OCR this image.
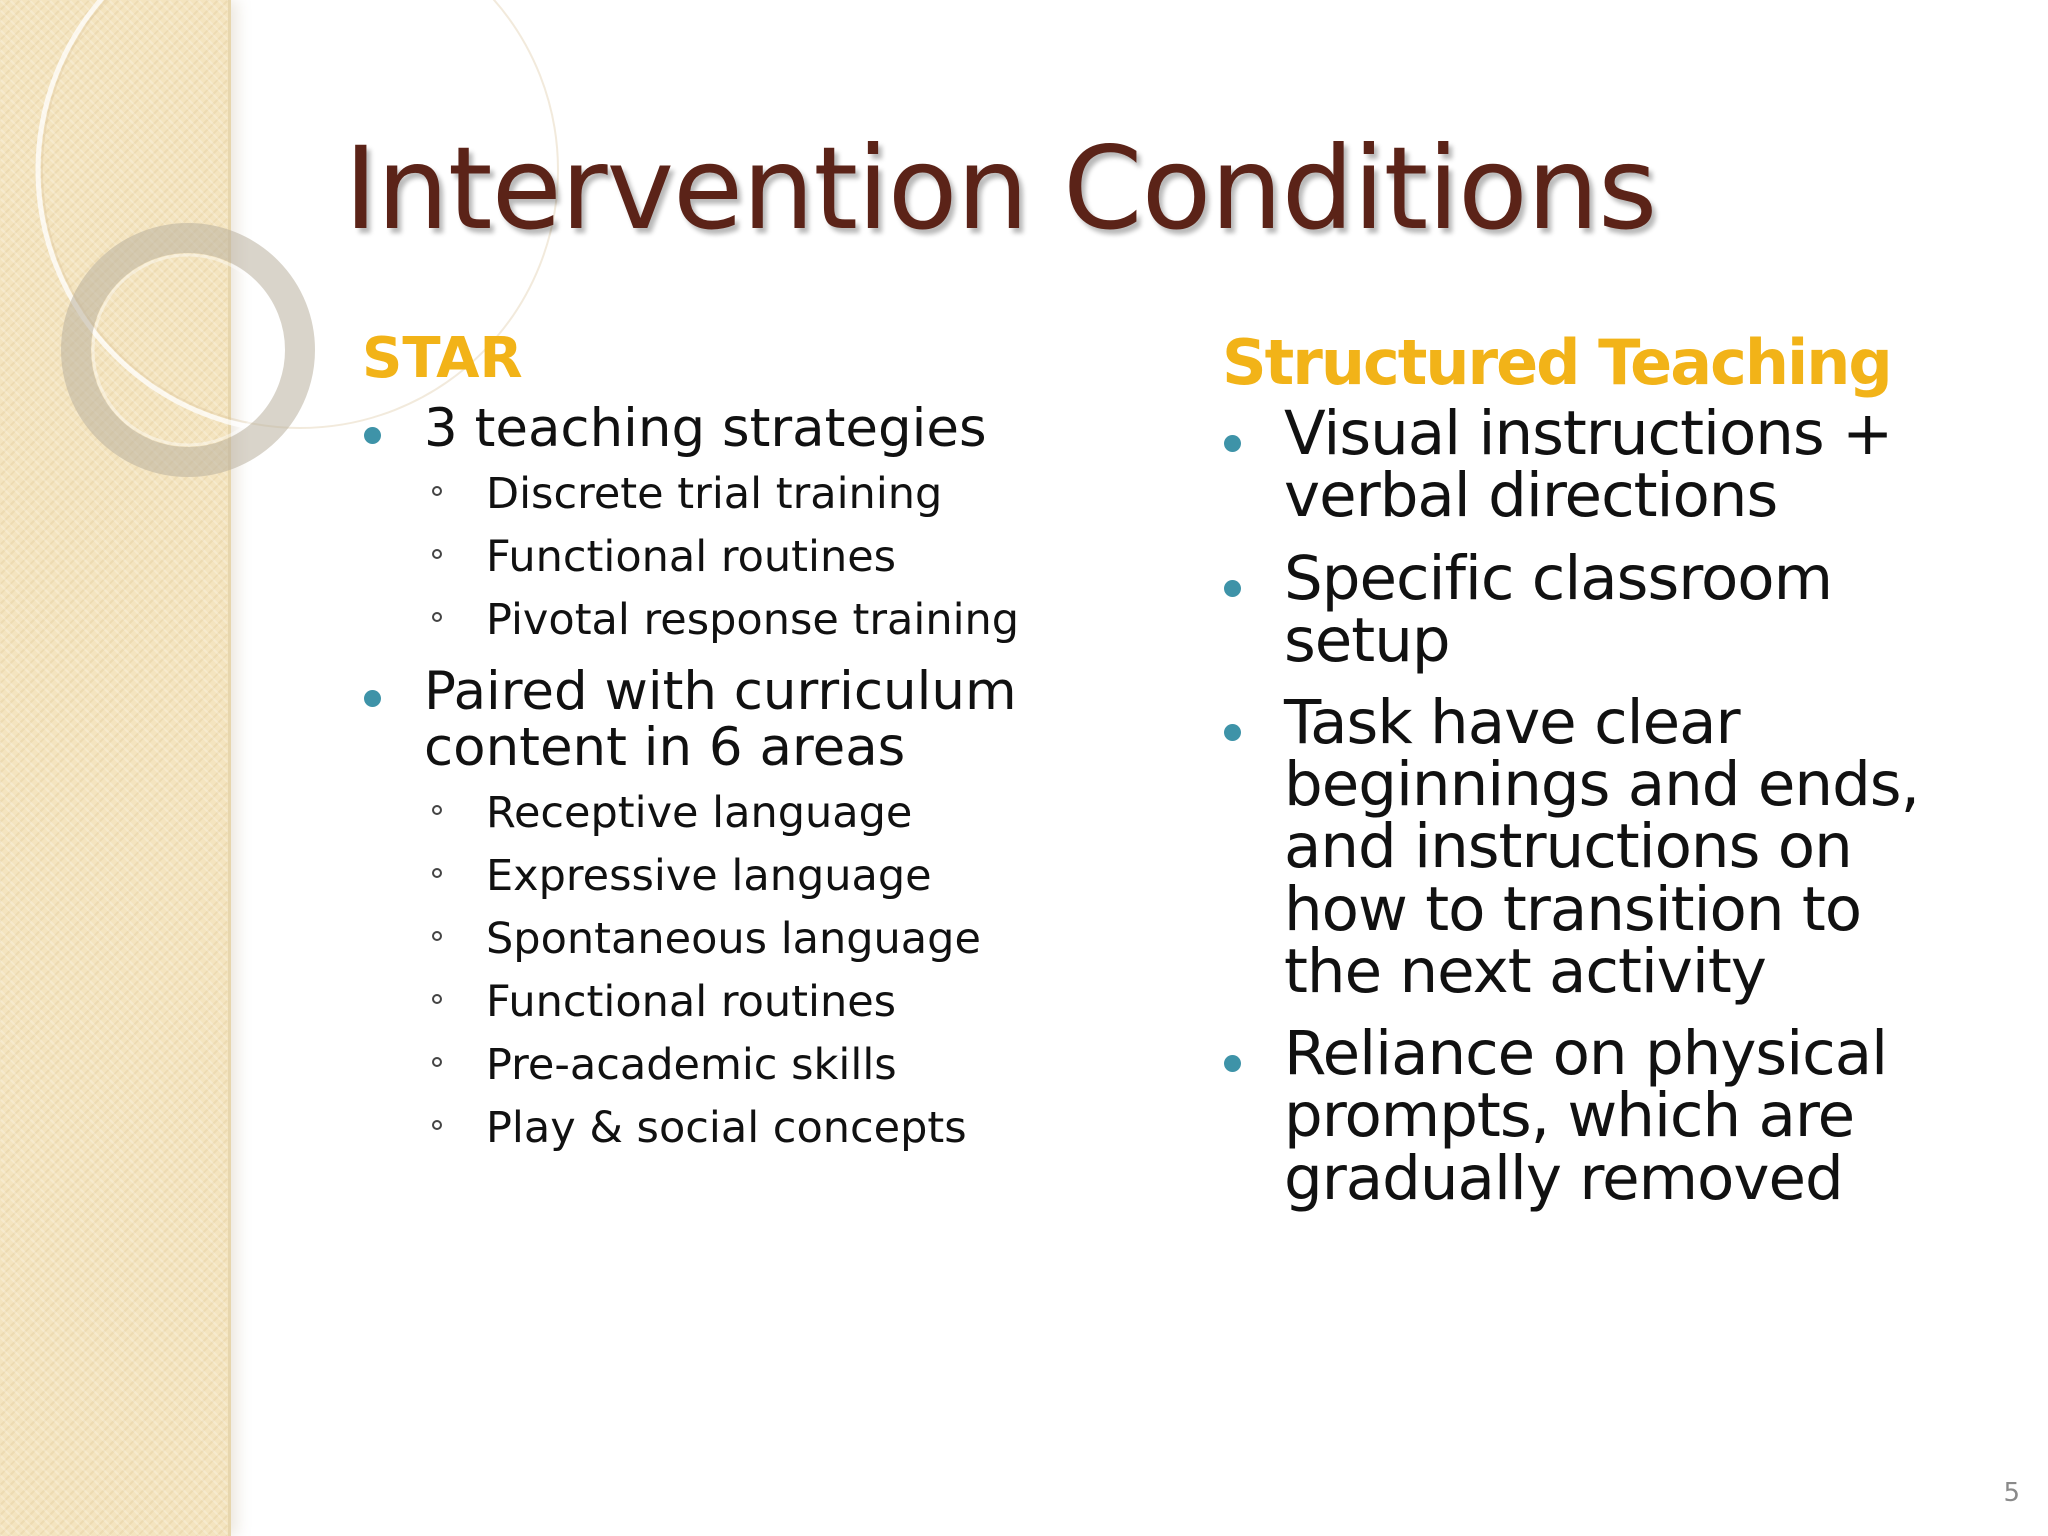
Intervention Conditions
STAR
3 teaching strategies
Discrete trial training
Functional routines
Pivotal response training
Paired with curriculum content in 6 areas
Receptive language
Expressive language
Spontaneous language
Functional routines
Pre-academic skills
Play & social concepts
Structured Teaching
Visual instructions + verbal directions
Specific classroom setup
Task have clear beginnings and ends, and instructions on how to transition to the next activity
Reliance on physical prompts, which are gradually removed
5
